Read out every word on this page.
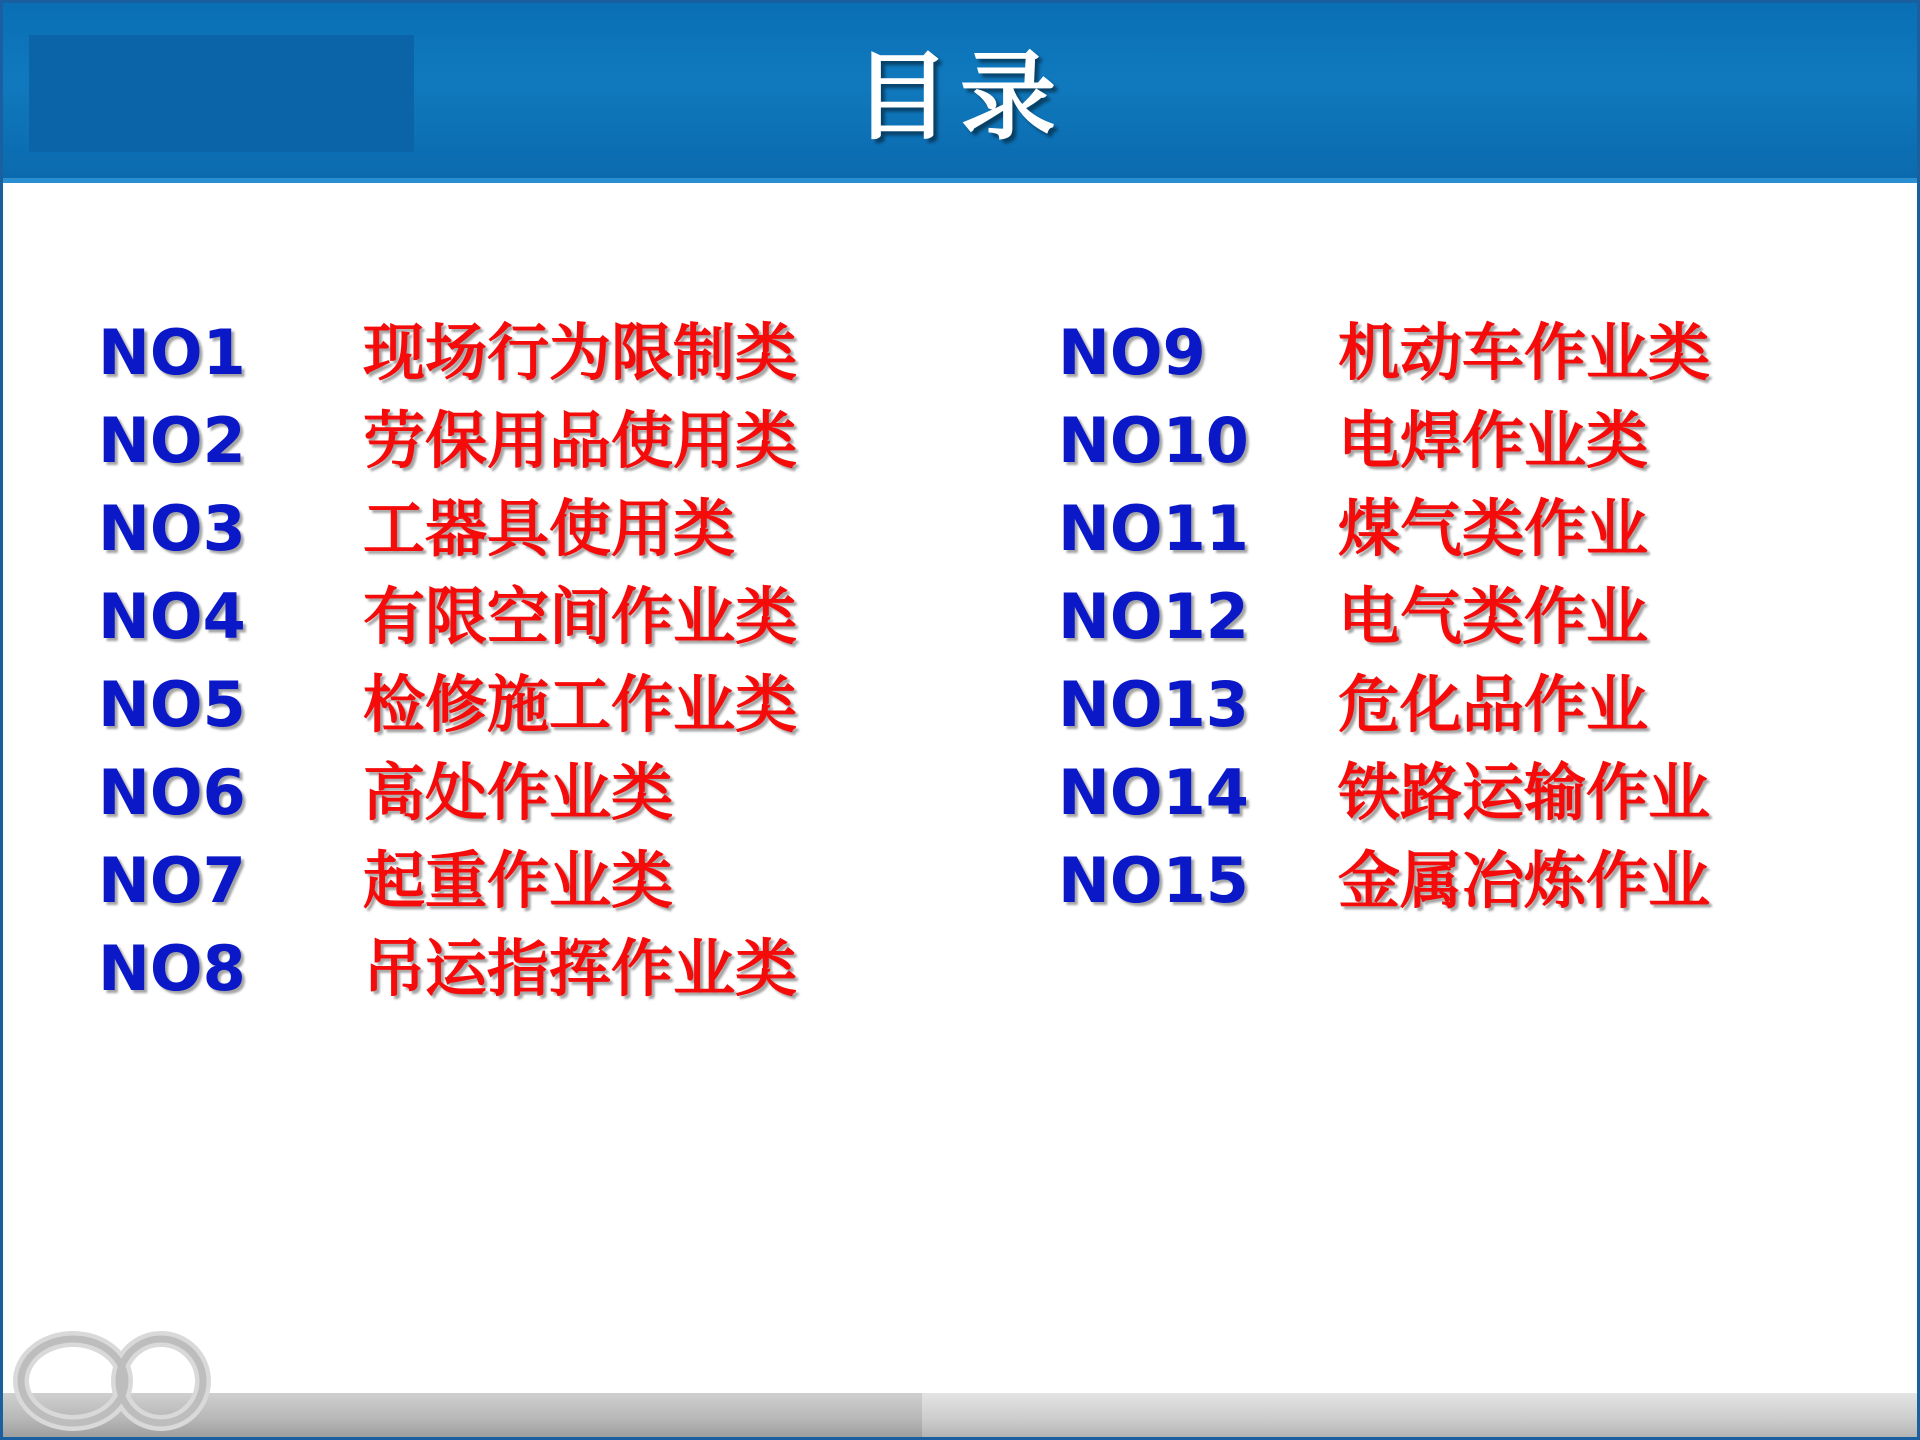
目录
NO1	现场行为限制类
NO2	劳保用品使用类
NO3	工器具使用类
NO4	有限空间作业类
NO5	检修施工作业类
NO6	高处作业类
NO7	起重作业类
NO8	吊运指挥作业类
NO9	机动车作业类
NO10	电焊作业类
NO11	煤气类作业
NO12	电气类作业
NO13	危化品作业
NO14	铁路运输作业
NO15	金属冶炼作业
